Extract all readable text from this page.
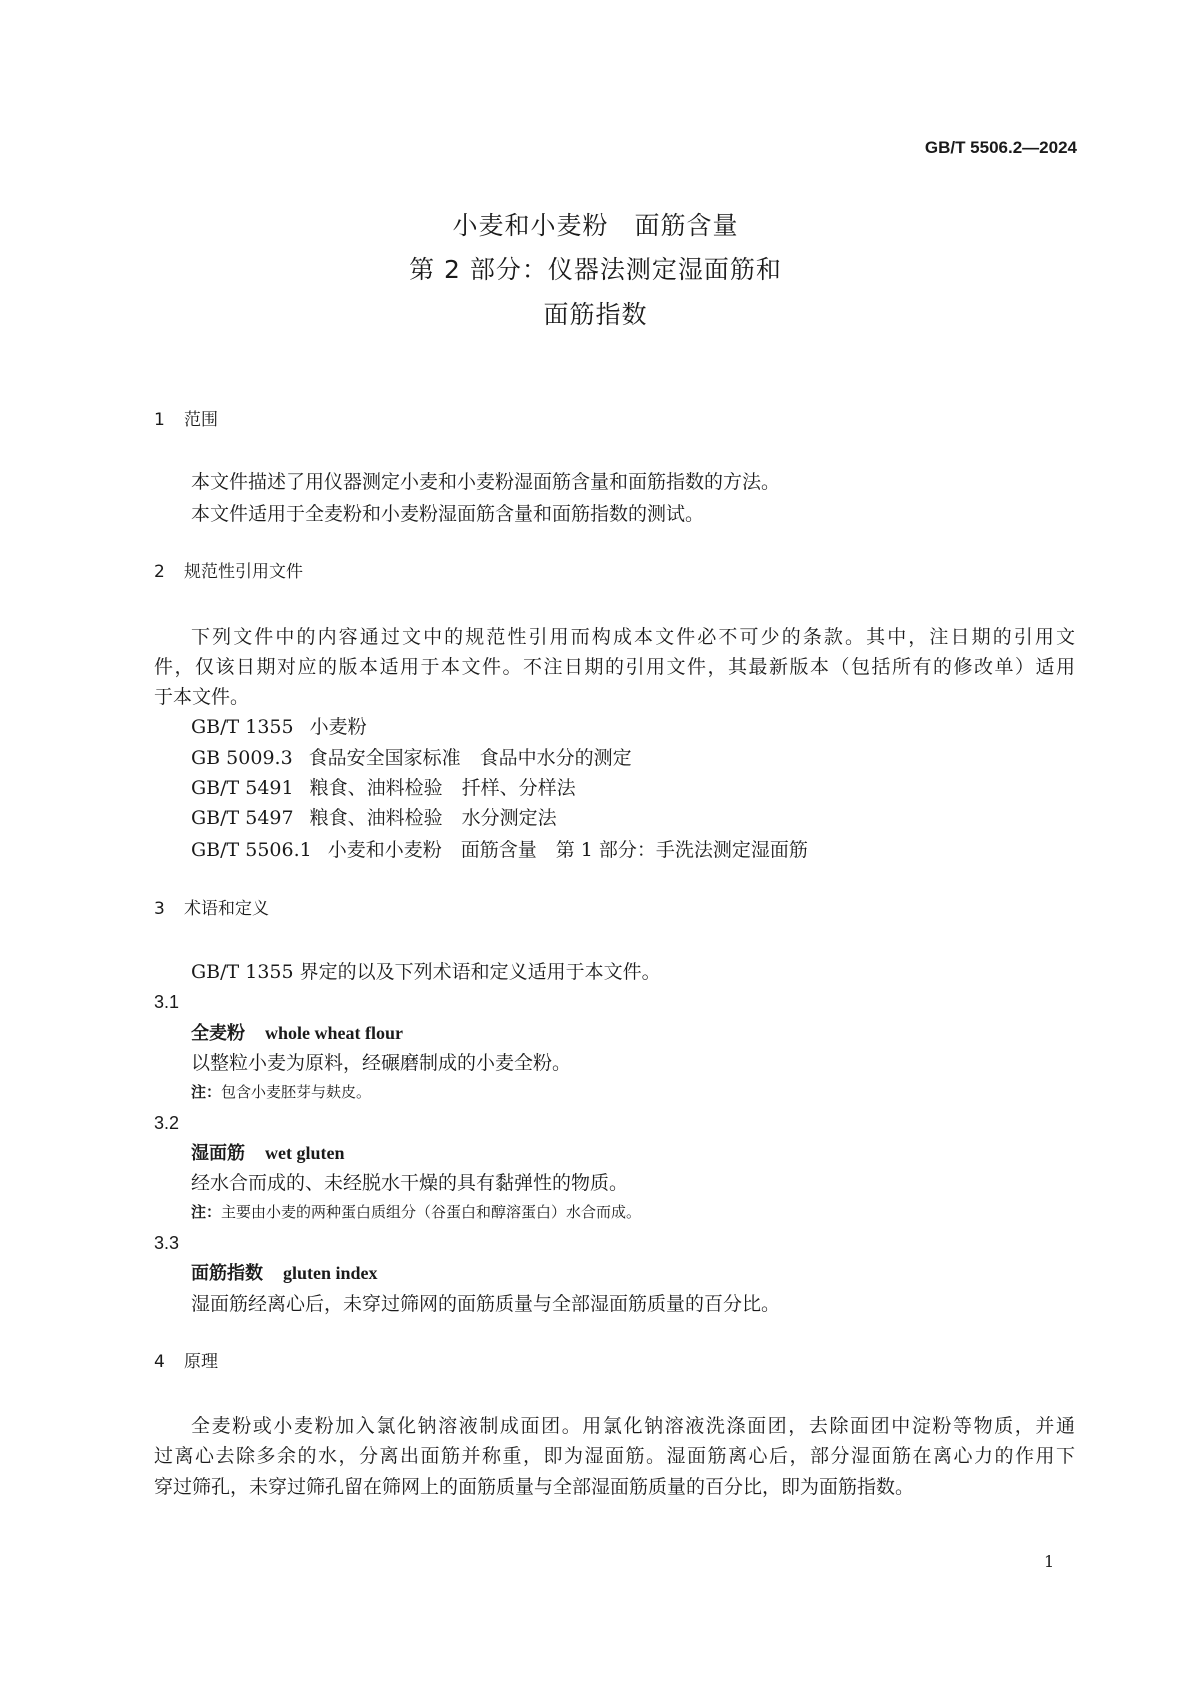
GB/T 5506.2—2024
小麦和小麦粉　面筋含量
第 2 部分：仪器法测定湿面筋和
面筋指数
1 范围
本文件描述了用仪器测定小麦和小麦粉湿面筋含量和面筋指数的方法。
本文件适用于全麦粉和小麦粉湿面筋含量和面筋指数的测试。
2 规范性引用文件
下列文件中的内容通过文中的规范性引用而构成本文件必不可少的条款。其中，注日期的引用文
件，仅该日期对应的版本适用于本文件。不注日期的引用文件，其最新版本（包括所有的修改单）适用
于本文件。
GB/T 1355 小麦粉
GB 5009.3 食品安全国家标准　食品中水分的测定
GB/T 5491 粮食、油料检验　扦样、分样法
GB/T 5497 粮食、油料检验　水分测定法
GB/T 5506.1 小麦和小麦粉　面筋含量　第 1 部分：手洗法测定湿面筋
3 术语和定义
GB/T 1355 界定的以及下列术语和定义适用于本文件。
3.1
全麦粉 whole wheat flour
以整粒小麦为原料，经碾磨制成的小麦全粉。
注：包含小麦胚芽与麸皮。
3.2
湿面筋 wet gluten
经水合而成的、未经脱水干燥的具有黏弹性的物质。
注：主要由小麦的两种蛋白质组分（谷蛋白和醇溶蛋白）水合而成。
3.3
面筋指数 gluten index
湿面筋经离心后，未穿过筛网的面筋质量与全部湿面筋质量的百分比。
4 原理
全麦粉或小麦粉加入氯化钠溶液制成面团。用氯化钠溶液洗涤面团，去除面团中淀粉等物质，并通
过离心去除多余的水，分离出面筋并称重，即为湿面筋。湿面筋离心后，部分湿面筋在离心力的作用下
穿过筛孔，未穿过筛孔留在筛网上的面筋质量与全部湿面筋质量的百分比，即为面筋指数。
1
